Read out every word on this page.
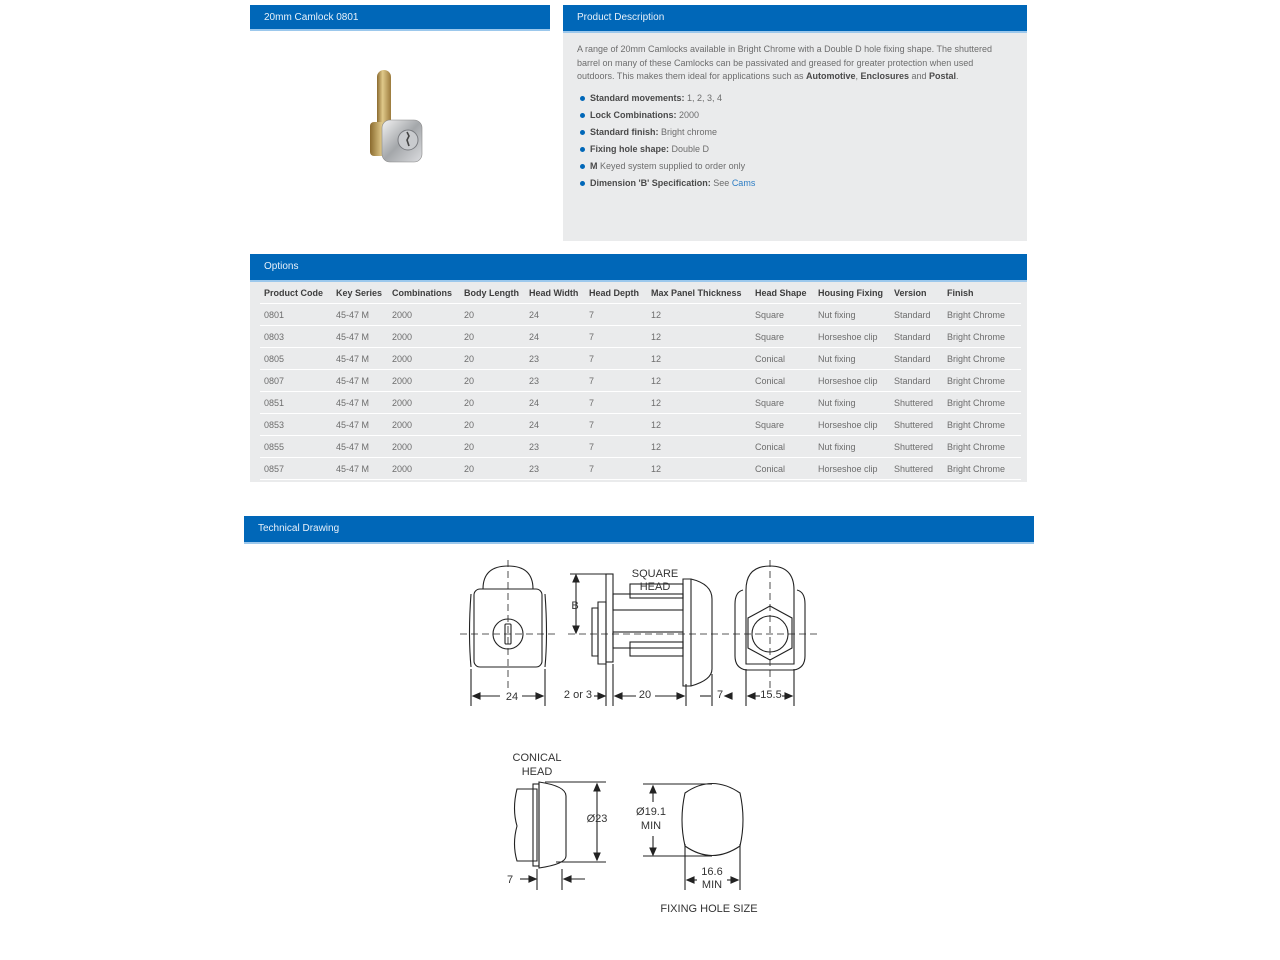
20mm Camlock 0801	Product Description
A range of 20mm Camlocks available in Bright Chrome with a Double D hole fixing shape. The shuttered barrel on many of these Camlocks can be passivated and greased for greater protection when used outdoors. This makes them ideal for applications such as Automotive, Enclosures and Postal.
Standard movements: 1, 2, 3, 4
Lock Combinations: 2000
Standard finish: Bright chrome
Fixing hole shape: Double D
M Keyed system supplied to order only
Dimension 'B' Specification: See Cams
Options
Product Code	Key Series	Combinations	Body Length	Head Width	Head Depth	Max Panel Thickness	Head Shape	Housing Fixing	Version	Finish
0801	45-47 M	2000	20	24	7	12	Square	Nut fixing	Standard	Bright Chrome
0803	45-47 M	2000	20	24	7	12	Square	Horseshoe clip	Standard	Bright Chrome
0805	45-47 M	2000	20	23	7	12	Conical	Nut fixing	Standard	Bright Chrome
0807	45-47 M	2000	20	23	7	12	Conical	Horseshoe clip	Standard	Bright Chrome
0851	45-47 M	2000	20	24	7	12	Square	Nut fixing	Shuttered	Bright Chrome
0853	45-47 M	2000	20	24	7	12	Square	Horseshoe clip	Shuttered	Bright Chrome
0855	45-47 M	2000	20	23	7	12	Conical	Nut fixing	Shuttered	Bright Chrome
0857	45-47 M	2000	20	23	7	12	Conical	Horseshoe clip	Shuttered	Bright Chrome
Technical Drawing
SQUARE
HEAD
B
24	2 or 3	20	7	15.5
CONICAL
HEAD
Ø23
7
Ø19.1
MIN
16.6
MIN
FIXING HOLE SIZE
